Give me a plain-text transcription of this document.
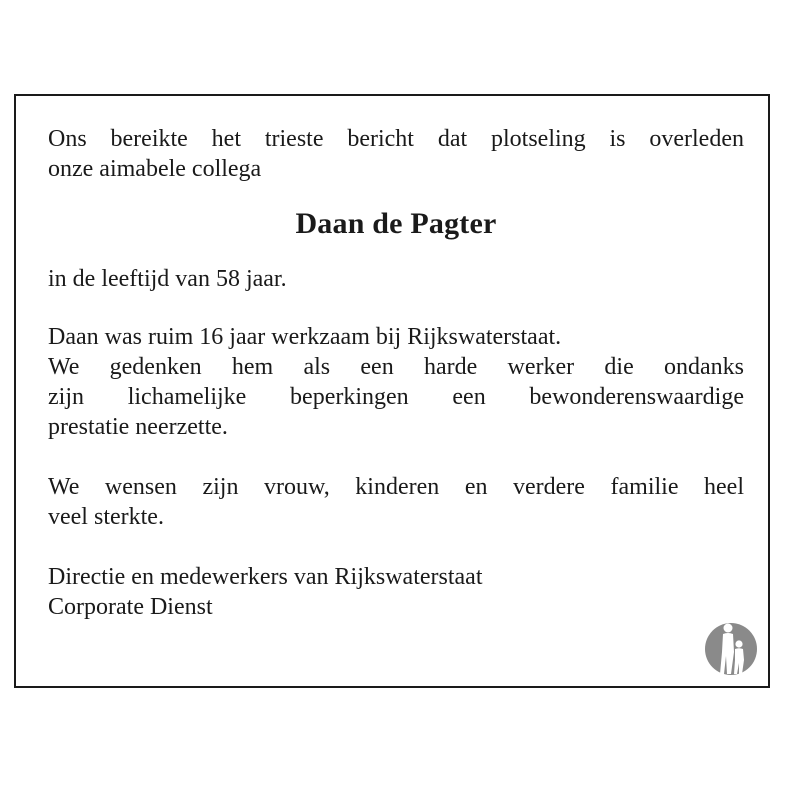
Ons bereikte het trieste bericht dat plotseling is overleden
onze aimabele collega

Daan de Pagter

in de leeftijd van 58 jaar.

Daan was ruim 16 jaar werkzaam bij Rijkswaterstaat.
We gedenken hem als een harde werker die ondanks
zijn lichamelijke beperkingen een bewonderenswaardige
prestatie neerzette.

We wensen zijn vrouw, kinderen en verdere familie heel
veel sterkte.

Directie en medewerkers van Rijkswaterstaat
Corporate Dienst
